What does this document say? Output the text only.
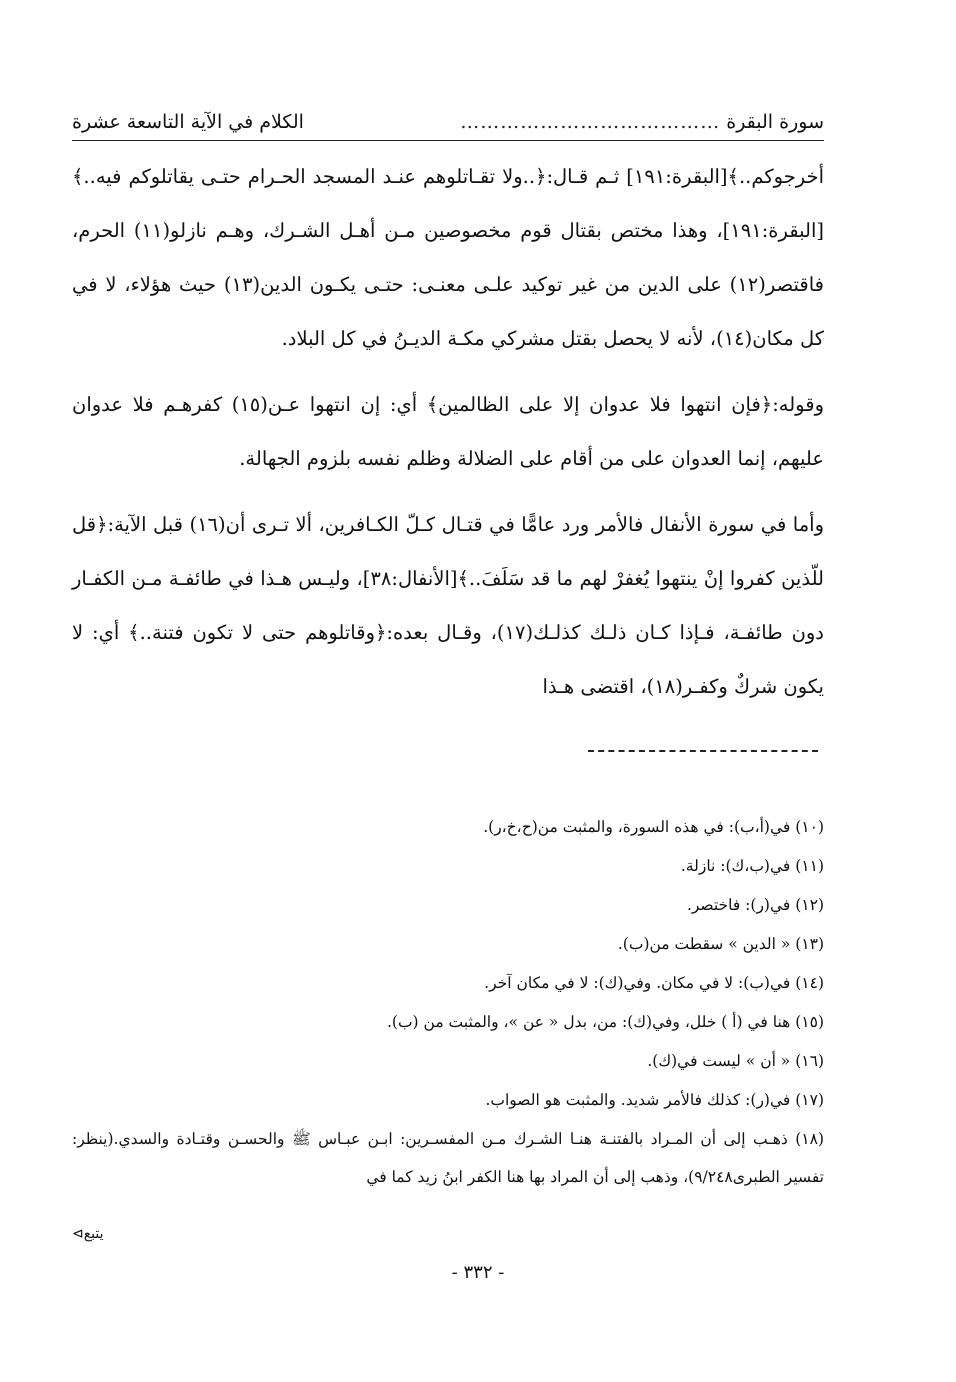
سورة البقرة
…………………………………
الكلام في الآية التاسعة عشرة

أخرجوكم..﴾[البقرة:١٩١] ثـم قـال:﴿..ولا تقـاتلوهم عنـد المسجد الحـرام حتـى يقاتلوكم فيه..﴾[البقرة:١٩١]، وهذا مختص بقتال قوم مخصوصين مـن أهـل الشـرك، وهـم نازلو(١١) الحرم، فاقتصر(١٢) على الدين من غير توكيد علـى معنـى: حتـى يكـون الدين(١٣) حيث هؤلاء، لا في كل مكان(١٤)، لأنه لا يحصل بقتل مشركي مكـة الديـنُ في كل البلاد.

وقوله:﴿فإن انتهوا فلا عدوان إلا على الظالمين﴾ أي: إن انتهوا عـن(١٥) كفرهـم فلا عدوان عليهم، إنما العدوان على من أقام على الضلالة وظلم نفسه بلزوم الجهالة.

وأما في سورة الأنفال فالأمر ورد عامًّا في قتـال كـلّ الكـافرين، ألا تـرى أن(١٦) قبل الآية:﴿قل للّذين كفروا إنْ ينتهوا يُغفرْ لهم ما قد سَلَفَ..﴾[الأنفال:٣٨]، وليـس هـذا في طائفـة مـن الكفـار دون طائفـة، فـإذا كـان ذلـك كذلـك(١٧)، وقـال بعده:﴿وقاتلوهم حتى لا تكون فتنة..﴾ أي: لا يكون شركٌ وكفـر(١٨)، اقتضى هـذا

(١٠) في(أ،ب): في هذه السورة، والمثبت من(ح،خ،ر).

(١١) في(ب،ك): نازلة.

(١٢) في(ر): فاختصر.

(١٣) « الدين » سقطت من(ب).

(١٤) في(ب): لا في مكان. وفي(ك): لا في مكان آخر.

(١٥) هنا في (أ ) خلل، وفي(ك): من، بدل « عن »، والمثبت من (ب).

(١٦) « أن » ليست في(ك).

(١٧) في(ر): كذلك فالأمر شديد. والمثبت هو الصواب.

(١٨) ذهـب إلى أن المـراد بالفتنـة هنـا الشـرك مـن المفسـرين: ابـن عبـاس ﷺ والحسـن وقتـادة والسدي.(ينظر: تفسير الطبرى٩/٢٤٨)، وذهب إلى أن المراد بها هنا الكفر ابنُ زيد كما في

يتبع⊳
- ٣٣٢ -
